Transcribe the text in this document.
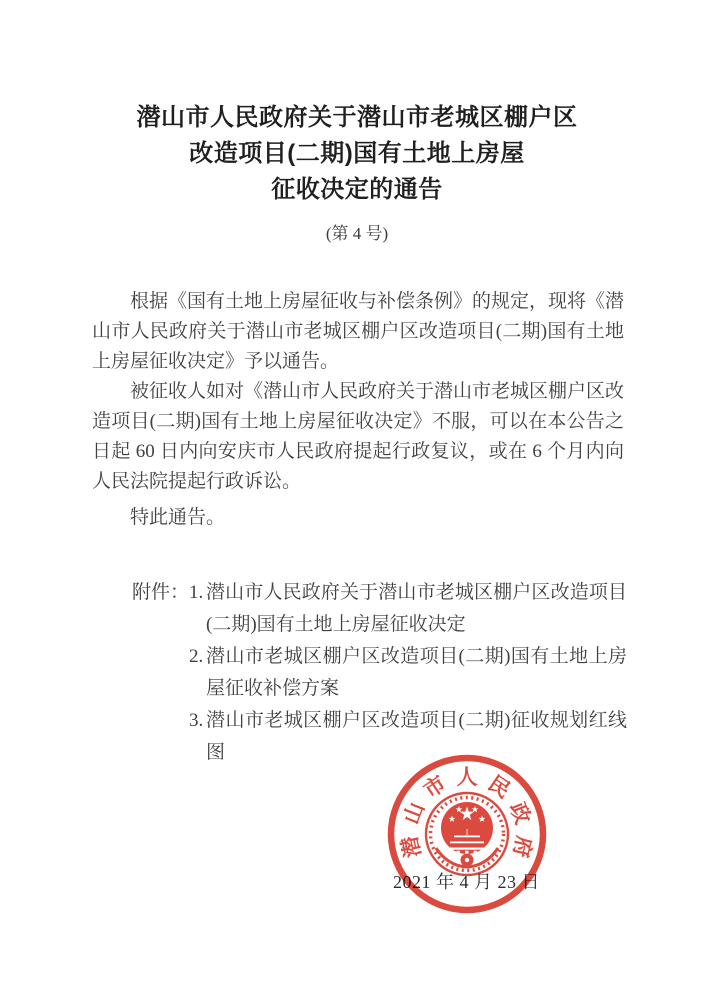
潜山市人民政府关于潜山市老城区棚户区
改造项目(二期)国有土地上房屋
征收决定的通告
(第 4 号)

根据《国有土地上房屋征收与补偿条例》的规定，现将《潜山市人民政府关于潜山市老城区棚户区改造项目(二期)国有土地上房屋征收决定》予以通告。

被征收人如对《潜山市人民政府关于潜山市老城区棚户区改造项目(二期)国有土地上房屋征收决定》不服，可以在本公告之日起 60 日内向安庆市人民政府提起行政复议，或在 6 个月内向人民法院提起行政诉讼。

特此通告。

附件： 1. 潜山市人民政府关于潜山市老城区棚户区改造项目(二期)国有土地上房屋征收决定
2. 潜山市老城区棚户区改造项目(二期)国有土地上房屋征收补偿方案
3. 潜山市老城区棚户区改造项目(二期)征收规划红线图
2021 年 4 月 23 日
潜
山
市 人 民
政
府
